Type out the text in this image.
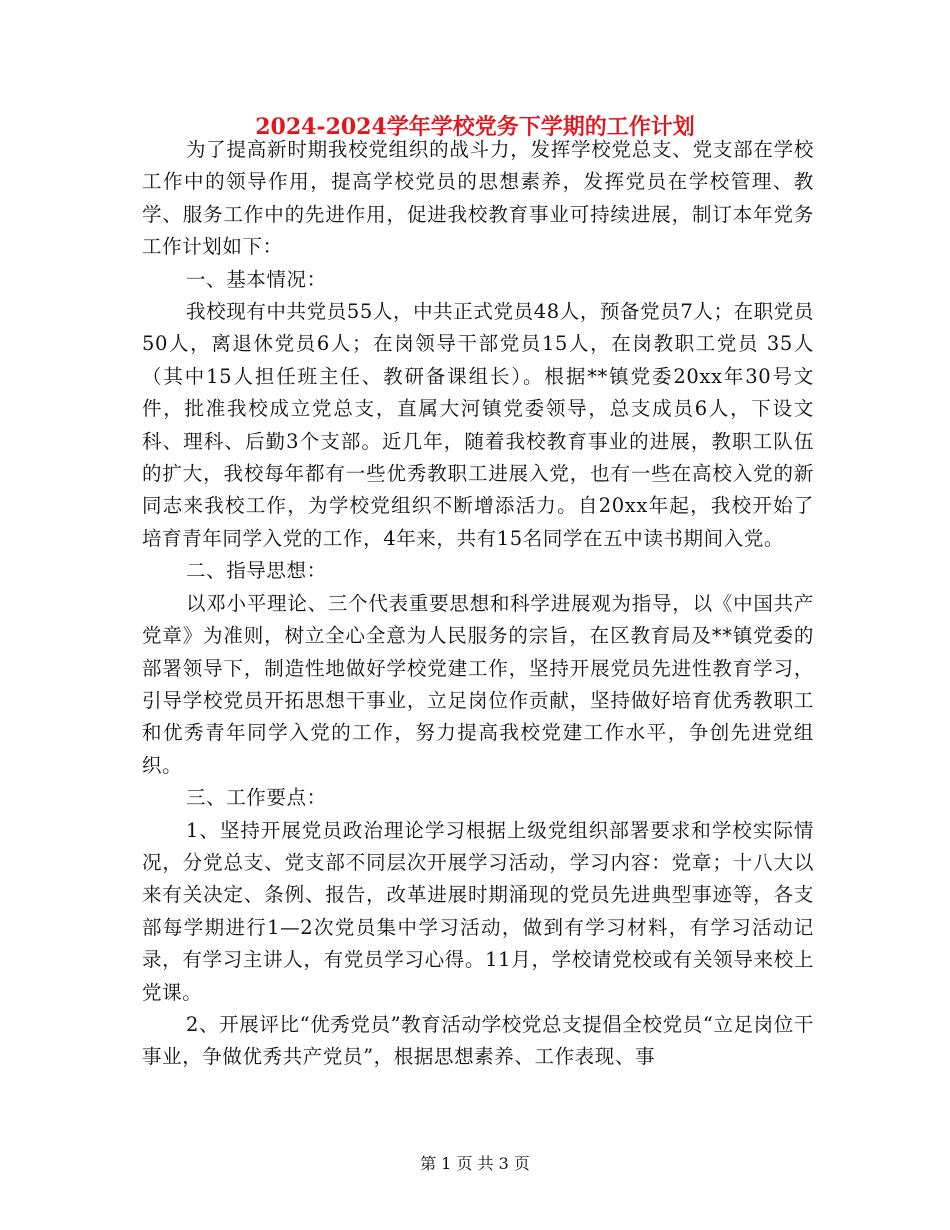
2024-2024学年学校党务下学期的工作计划

为了提高新时期我校党组织的战斗力，发挥学校党总支、党支部在学校工作中的领导作用，提高学校党员的思想素养，发挥党员在学校管理、教学、服务工作中的先进作用，促进我校教育事业可持续进展，制订本年党务工作计划如下：

一、基本情况：

我校现有中共党员55人，中共正式党员48人，预备党员7人；在职党员50人，离退休党员6人；在岗领导干部党员15人，在岗教职工党员 35人（其中15人担任班主任、教研备课组长）。根据**镇党委20xx年30号文件，批准我校成立党总支，直属大河镇党委领导，总支成员6人，下设文科、理科、后勤3个支部。近几年，随着我校教育事业的进展，教职工队伍的扩大，我校每年都有一些优秀教职工进展入党，也有一些在高校入党的新同志来我校工作，为学校党组织不断增添活力。自20xx年起，我校开始了培育青年同学入党的工作，4年来，共有15名同学在五中读书期间入党。

二、指导思想：

以邓小平理论、三个代表重要思想和科学进展观为指导，以《中国共产党章》为准则，树立全心全意为人民服务的宗旨，在区教育局及**镇党委的部署领导下，制造性地做好学校党建工作，坚持开展党员先进性教育学习，引导学校党员开拓思想干事业，立足岗位作贡献，坚持做好培育优秀教职工和优秀青年同学入党的工作，努力提高我校党建工作水平，争创先进党组织。

三、工作要点：

1、坚持开展党员政治理论学习根据上级党组织部署要求和学校实际情况，分党总支、党支部不同层次开展学习活动，学习内容：党章；十八大以来有关决定、条例、报告，改革进展时期涌现的党员先进典型事迹等，各支部每学期进行1—2次党员集中学习活动，做到有学习材料，有学习活动记录，有学习主讲人，有党员学习心得。11月，学校请党校或有关领导来校上党课。

2、开展评比“优秀党员”教育活动学校党总支提倡全校党员“立足岗位干事业，争做优秀共产党员”，根据思想素养、工作表现、事

第 1 页 共 3 页
